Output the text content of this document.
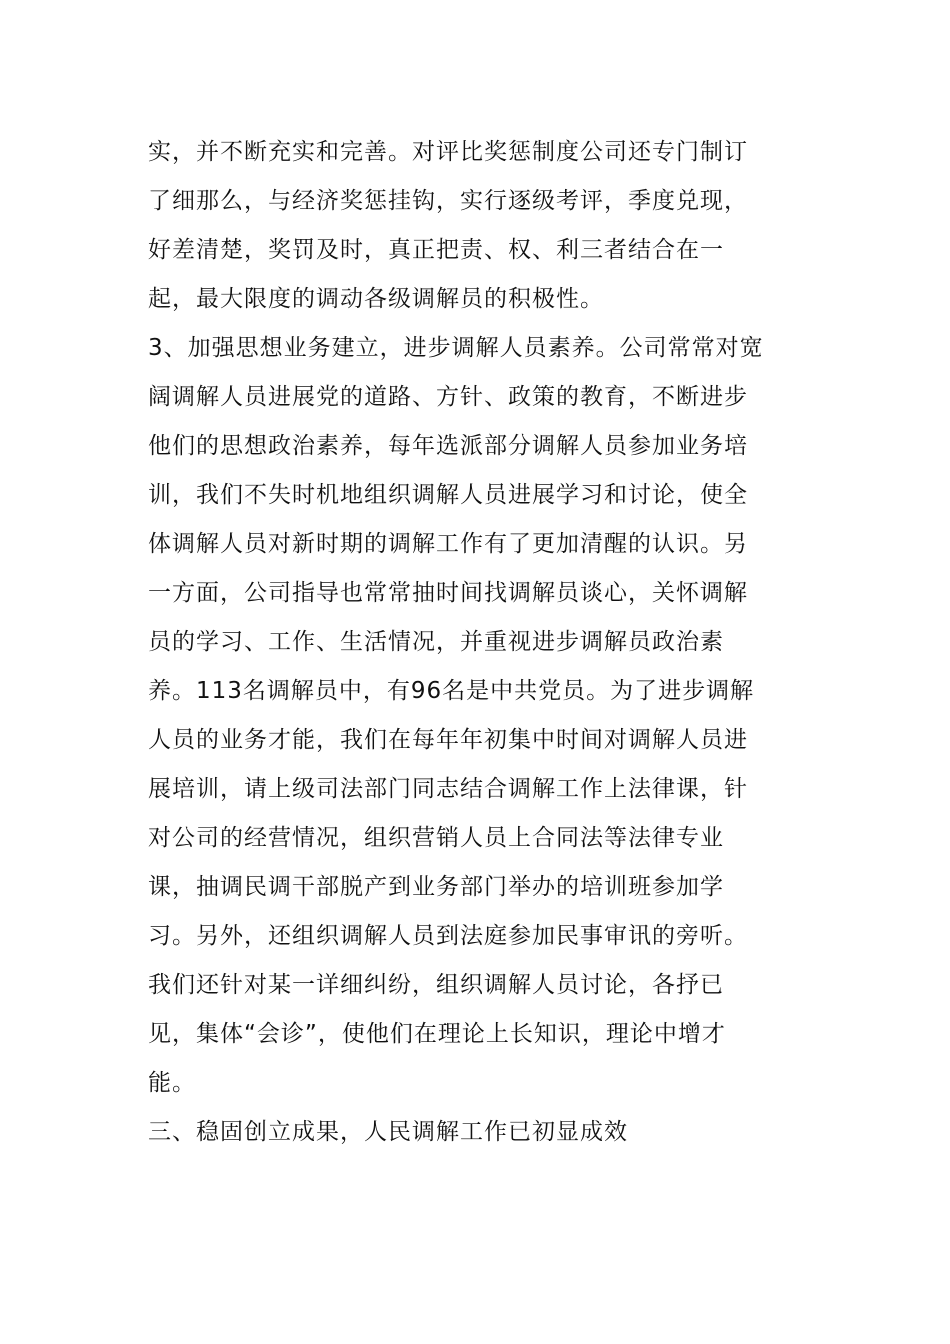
实，并不断充实和完善。对评比奖惩制度公司还专门制订
了细那么，与经济奖惩挂钩，实行逐级考评，季度兑现，
好差清楚，奖罚及时，真正把责、权、利三者结合在一
起，最大限度的调动各级调解员的积极性。
3、加强思想业务建立，进步调解人员素养。公司常常对宽
阔调解人员进展党的道路、方针、政策的教育，不断进步
他们的思想政治素养，每年选派部分调解人员参加业务培
训，我们不失时机地组织调解人员进展学习和讨论，使全
体调解人员对新时期的调解工作有了更加清醒的认识。另
一方面，公司指导也常常抽时间找调解员谈心，关怀调解
员的学习、工作、生活情况，并重视进步调解员政治素
养。113名调解员中，有96名是中共党员。为了进步调解
人员的业务才能，我们在每年年初集中时间对调解人员进
展培训，请上级司法部门同志结合调解工作上法律课，针
对公司的经营情况，组织营销人员上合同法等法律专业
课，抽调民调干部脱产到业务部门举办的培训班参加学
习。另外，还组织调解人员到法庭参加民事审讯的旁听。
我们还针对某一详细纠纷，组织调解人员讨论，各抒已
见，集体“会诊”，使他们在理论上长知识，理论中增才
能。
三、稳固创立成果，人民调解工作已初显成效
